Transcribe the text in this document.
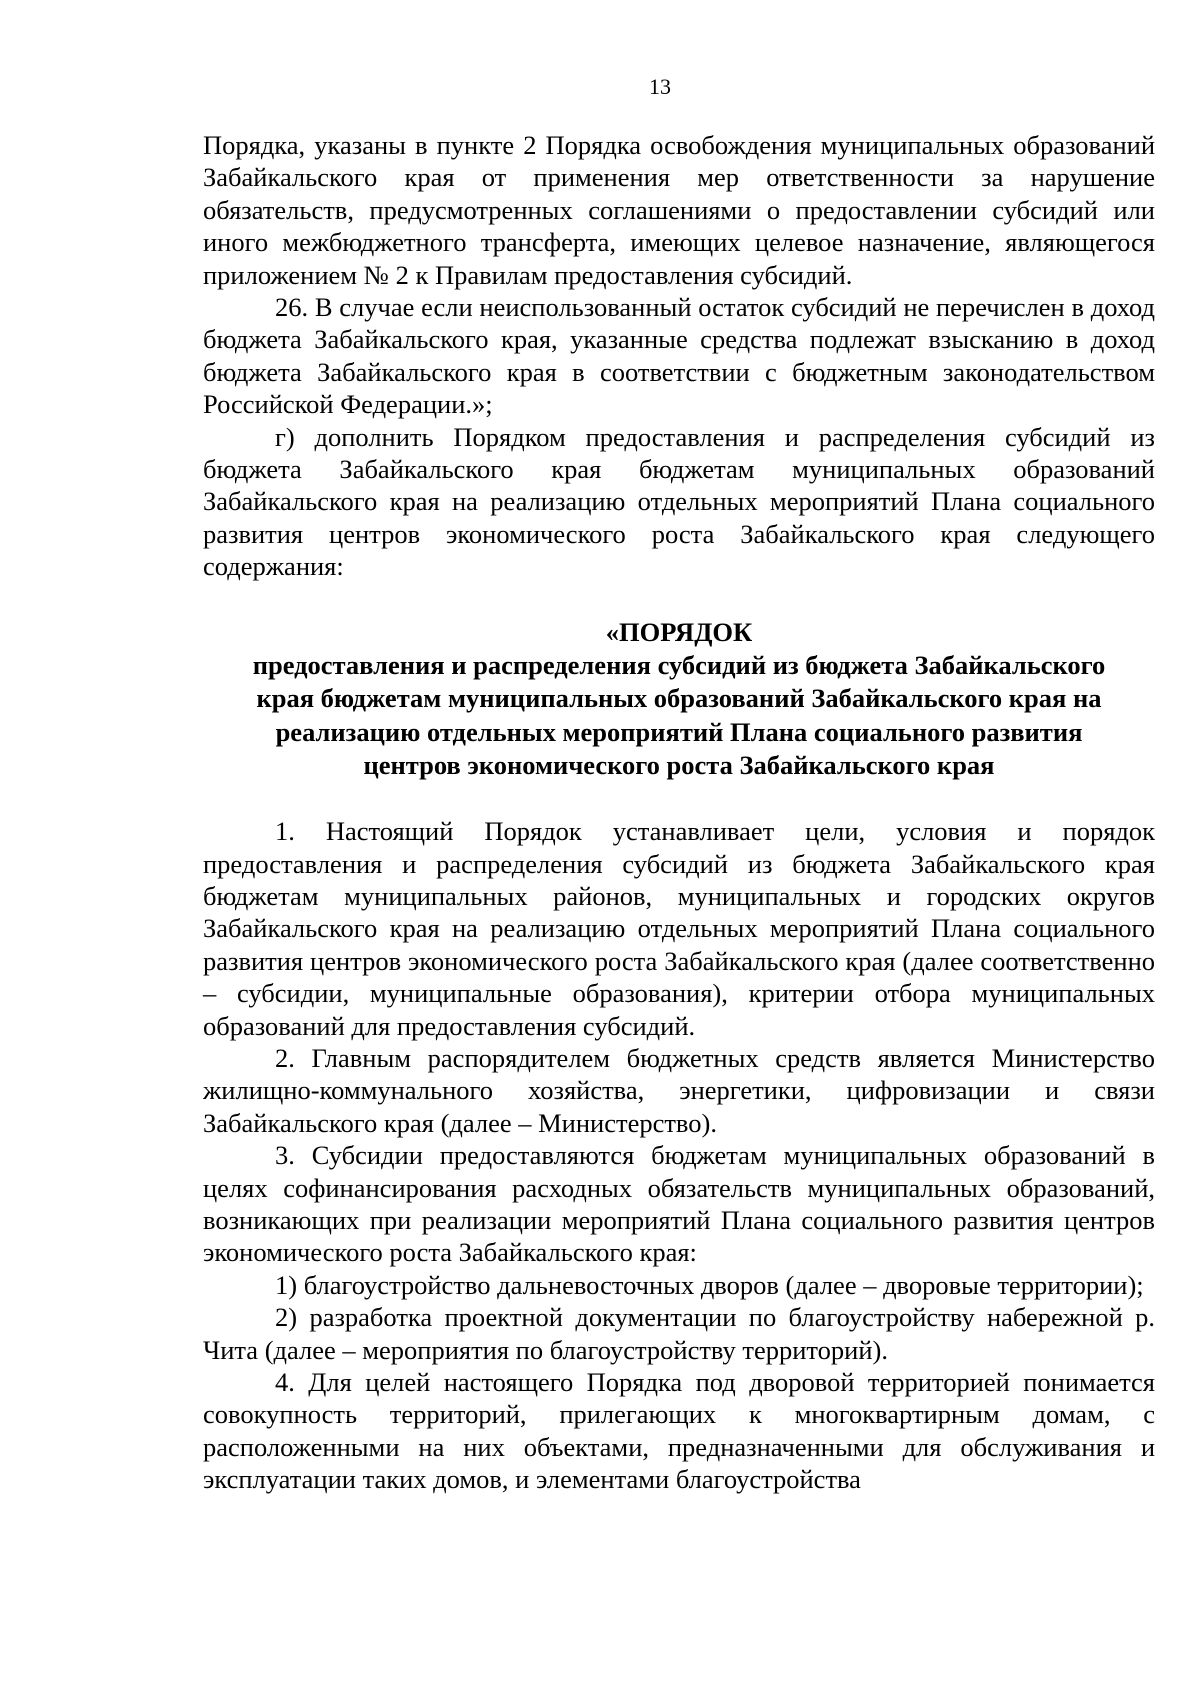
13

Порядка, указаны в пункте 2 Порядка освобождения муниципальных образований Забайкальского края от применения мер ответственности за нарушение обязательств, предусмотренных соглашениями о предоставлении субсидий или иного межбюджетного трансферта, имеющих целевое назначение, являющегося приложением № 2 к Правилам предоставления субсидий.

26. В случае если неиспользованный остаток субсидий не перечислен в доход бюджета Забайкальского края, указанные средства подлежат взысканию в доход бюджета Забайкальского края в соответствии с бюджетным законодательством Российской Федерации.»;

г) дополнить Порядком предоставления и распределения субсидий из бюджета Забайкальского края бюджетам муниципальных образований Забайкальского края на реализацию отдельных мероприятий Плана социального развития центров экономического роста Забайкальского края следующего содержания:

«ПОРЯДОК
предоставления и распределения субсидий из бюджета Забайкальского
края бюджетам муниципальных образований Забайкальского края на
реализацию отдельных мероприятий Плана социального развития
центров экономического роста Забайкальского края

1. Настоящий Порядок устанавливает цели, условия и порядок предоставления и распределения субсидий из бюджета Забайкальского края бюджетам муниципальных районов, муниципальных и городских округов Забайкальского края на реализацию отдельных мероприятий Плана социального развития центров экономического роста Забайкальского края (далее соответственно – субсидии, муниципальные образования), критерии отбора муниципальных образований для предоставления субсидий.

2. Главным распорядителем бюджетных средств является Министерство жилищно-коммунального хозяйства, энергетики, цифровизации и связи Забайкальского края (далее – Министерство).

3. Субсидии предоставляются бюджетам муниципальных образований в целях софинансирования расходных обязательств муниципальных образований, возникающих при реализации мероприятий Плана социального развития центров экономического роста Забайкальского края:

1) благоустройство дальневосточных дворов (далее – дворовые территории);

2) разработка проектной документации по благоустройству набережной р. Чита (далее – мероприятия по благоустройству территорий).

4. Для целей настоящего Порядка под дворовой территорией понимается совокупность территорий, прилегающих к многоквартирным домам, с расположенными на них объектами, предназначенными для обслуживания и эксплуатации таких домов, и элементами благоустройства
